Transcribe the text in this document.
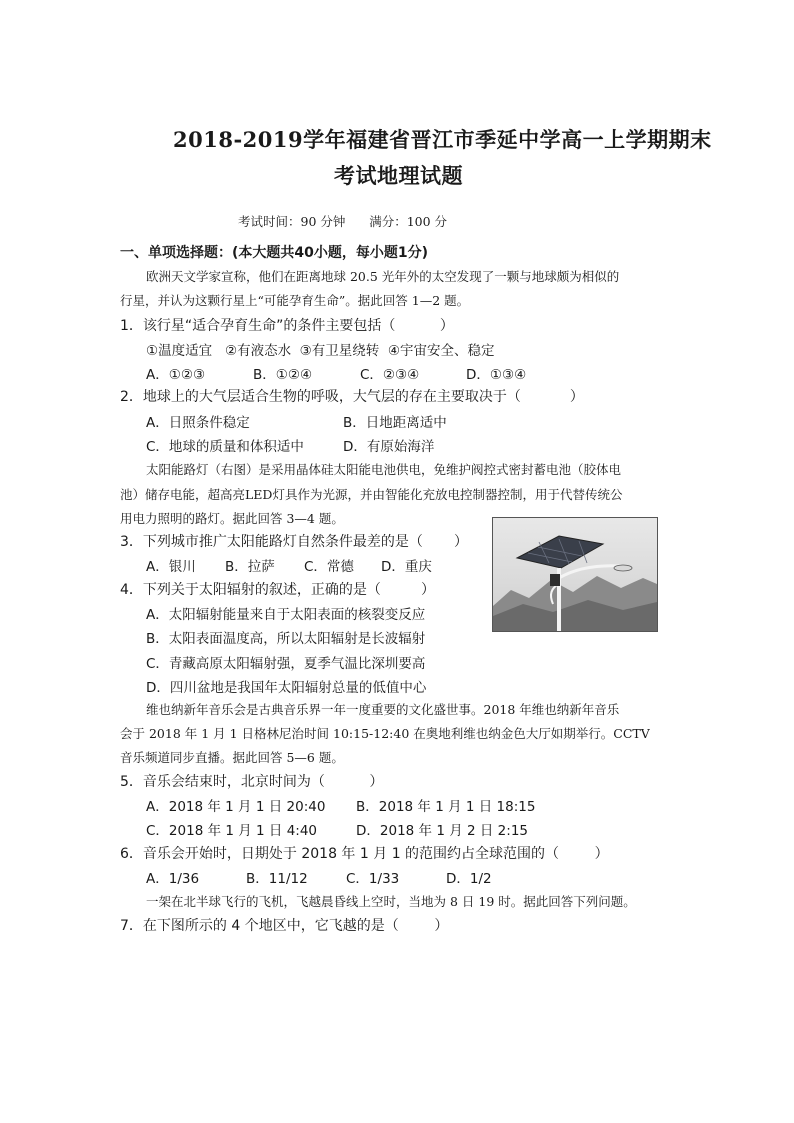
2018-2019学年福建省晋江市季延中学高一上学期期末
考试地理试题
考试时间：90 分钟      满分：100 分
一、单项选择题：(本大题共40小题，每小题1分)
欧洲天文学家宣称，他们在距离地球 20.5 光年外的太空发现了一颗与地球颇为相似的
行星，并认为这颗行星上“可能孕育生命”。据此回答 1—2 题。
1．该行星“适合孕育生命”的条件主要包括（          ）
①温度适宜   ②有液态水  ③有卫星绕转  ④宇宙安全、稳定
A．①②③	B．①②④	C．②③④	D．①③④
2．地球上的大气层适合生物的呼吸，大气层的存在主要取决于（           ）
A．日照条件稳定	B．日地距离适中
C．地球的质量和体积适中	D．有原始海洋
太阳能路灯（右图）是采用晶体硅太阳能电池供电，免维护阀控式密封蓄电池（胶体电
池）储存电能，超高亮LED灯具作为光源，并由智能化充放电控制器控制，用于代替传统公
用电力照明的路灯。据此回答 3—4 题。
3．下列城市推广太阳能路灯自然条件最差的是（       ）
A．银川 B．拉萨 C．常德 D．重庆
4．下列关于太阳辐射的叙述，正确的是（         ）
A．太阳辐射能量来自于太阳表面的核裂变反应
B．太阳表面温度高，所以太阳辐射是长波辐射
C．青藏高原太阳辐射强，夏季气温比深圳要高
D．四川盆地是我国年太阳辐射总量的低值中心
维也纳新年音乐会是古典音乐界一年一度重要的文化盛世事。2018 年维也纳新年音乐
会于 2018 年 1 月 1 日格林尼治时间 10:15-12:40 在奥地利维也纳金色大厅如期举行。CCTV
音乐频道同步直播。据此回答 5—6 题。
5．音乐会结束时，北京时间为（          ）
A．2018 年 1 月 1 日 20:40 B．2018 年 1 月 1 日 18:15
C．2018 年 1 月 1 日 4:40	D．2018 年 1 月 2 日 2:15
6．音乐会开始时，日期处于 2018 年 1 月 1 的范围约占全球范围的（        ）
A．1/36	B．11/12	C．1/33	D．1/2
一架在北半球飞行的飞机，飞越晨昏线上空时，当地为 8 日 19 时。据此回答下列问题。
7．在下图所示的 4 个地区中，它飞越的是（        ）
